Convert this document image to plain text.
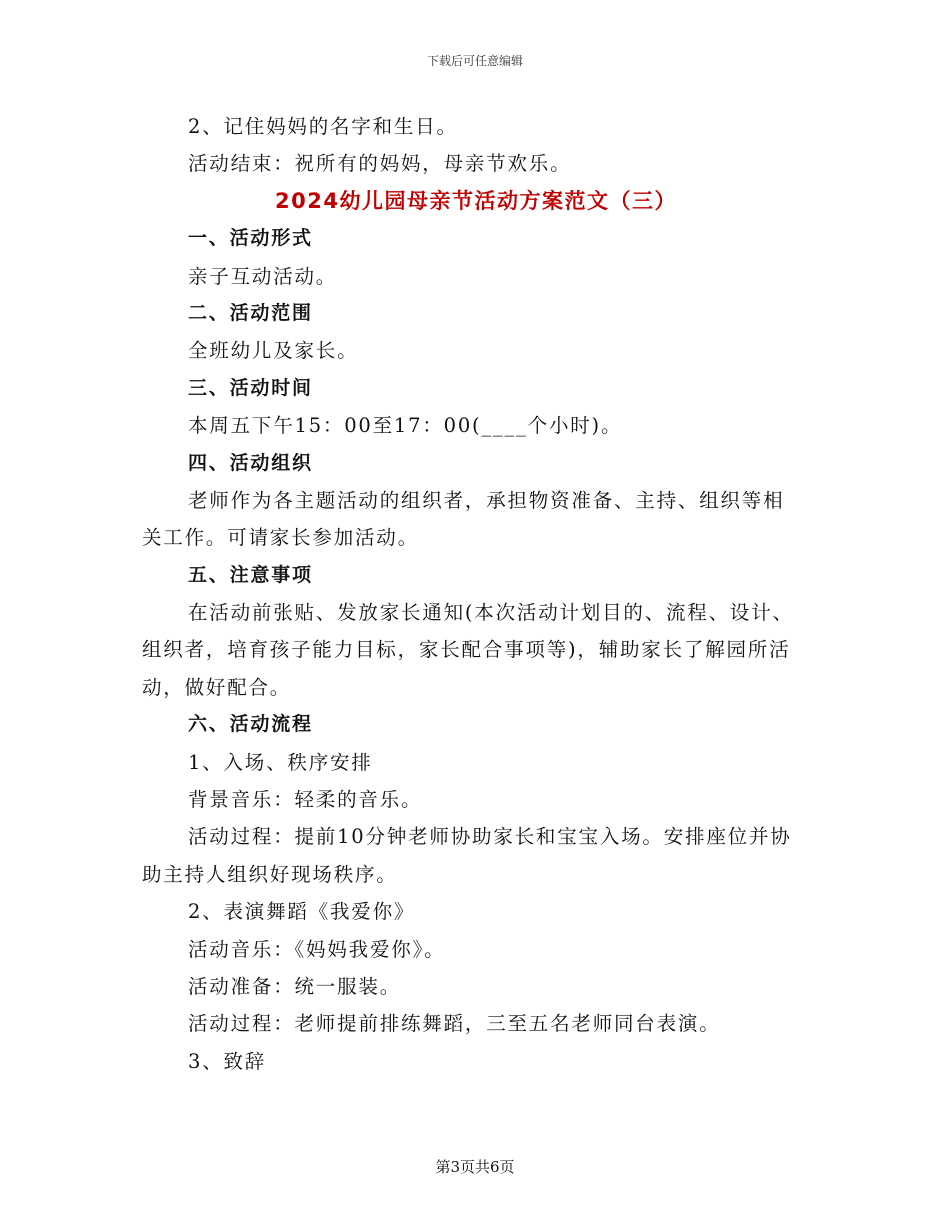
下载后可任意编辑
2、记住妈妈的名字和生日。
活动结束：祝所有的妈妈，母亲节欢乐。
2024幼儿园母亲节活动方案范文（三）
一、活动形式
亲子互动活动。
二、活动范围
全班幼儿及家长。
三、活动时间
本周五下午15：00至17：00(____个小时)。
四、活动组织
老师作为各主题活动的组织者，承担物资准备、主持、组织等相
关工作。可请家长参加活动。
五、注意事项
在活动前张贴、发放家长通知(本次活动计划目的、流程、设计、
组织者，培育孩子能力目标，家长配合事项等)，辅助家长了解园所活
动，做好配合。
六、活动流程
1、入场、秩序安排
背景音乐：轻柔的音乐。
活动过程：提前10分钟老师协助家长和宝宝入场。安排座位并协
助主持人组织好现场秩序。
2、表演舞蹈《我爱你》
活动音乐：《妈妈我爱你》。
活动准备：统一服装。
活动过程：老师提前排练舞蹈，三至五名老师同台表演。
3、致辞
第3页共6页
